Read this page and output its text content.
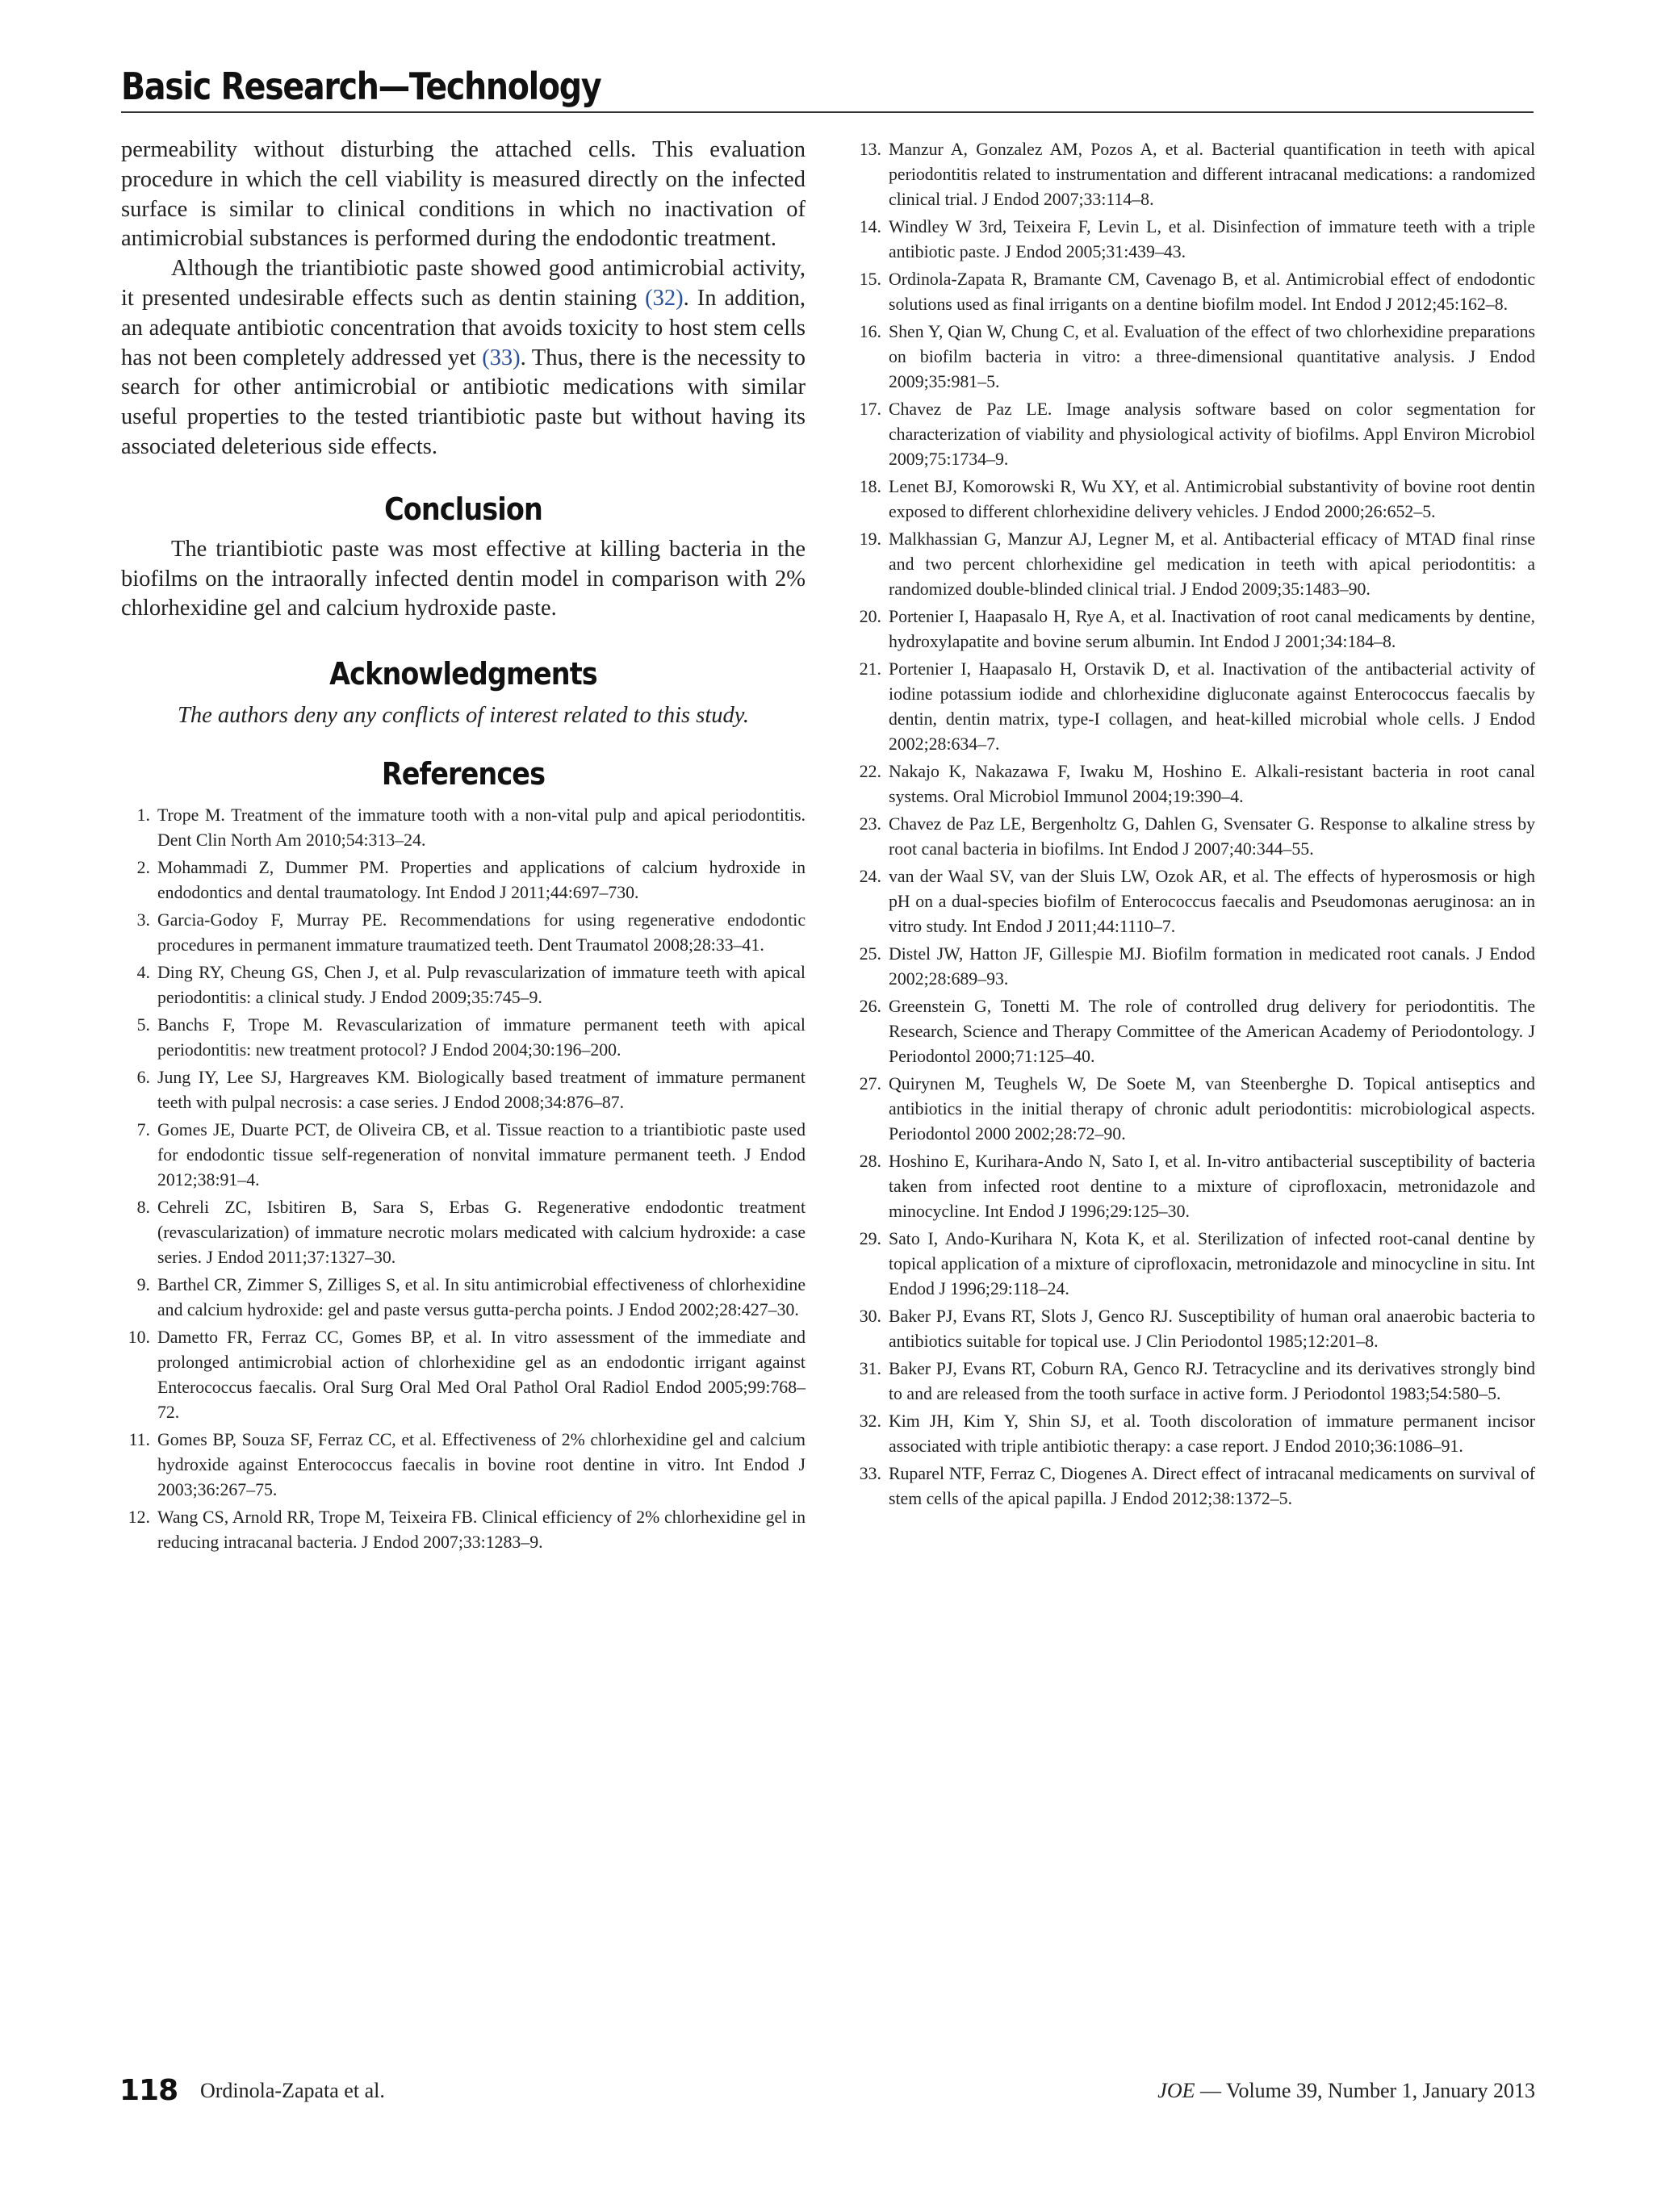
Basic Research—Technology

permeability without disturbing the attached cells. This evaluation procedure in which the cell viability is measured directly on the infected surface is similar to clinical conditions in which no inactivation of antimicrobial substances is performed during the endodontic treatment.

Although the triantibiotic paste showed good antimicrobial activity, it presented undesirable effects such as dentin staining (32). In addition, an adequate antibiotic concentration that avoids toxicity to host stem cells has not been completely addressed yet (33). Thus, there is the necessity to search for other antimicrobial or antibiotic medications with similar useful properties to the tested triantibiotic paste but without having its associated deleterious side effects.

Conclusion

The triantibiotic paste was most effective at killing bacteria in the biofilms on the intraorally infected dentin model in comparison with 2% chlorhexidine gel and calcium hydroxide paste.

Acknowledgments

The authors deny any conflicts of interest related to this study.

References
1. Trope M. Treatment of the immature tooth with a non-vital pulp and apical periodontitis. Dent Clin North Am 2010;54:313–24.
2. Mohammadi Z, Dummer PM. Properties and applications of calcium hydroxide in endodontics and dental traumatology. Int Endod J 2011;44:697–730.
3. Garcia-Godoy F, Murray PE. Recommendations for using regenerative endodontic procedures in permanent immature traumatized teeth. Dent Traumatol 2008;28:33–41.
4. Ding RY, Cheung GS, Chen J, et al. Pulp revascularization of immature teeth with apical periodontitis: a clinical study. J Endod 2009;35:745–9.
5. Banchs F, Trope M. Revascularization of immature permanent teeth with apical periodontitis: new treatment protocol? J Endod 2004;30:196–200.
6. Jung IY, Lee SJ, Hargreaves KM. Biologically based treatment of immature permanent teeth with pulpal necrosis: a case series. J Endod 2008;34:876–87.
7. Gomes JE, Duarte PCT, de Oliveira CB, et al. Tissue reaction to a triantibiotic paste used for endodontic tissue self-regeneration of nonvital immature permanent teeth. J Endod 2012;38:91–4.
8. Cehreli ZC, Isbitiren B, Sara S, Erbas G. Regenerative endodontic treatment (revascularization) of immature necrotic molars medicated with calcium hydroxide: a case series. J Endod 2011;37:1327–30.
9. Barthel CR, Zimmer S, Zilliges S, et al. In situ antimicrobial effectiveness of chlorhexidine and calcium hydroxide: gel and paste versus gutta-percha points. J Endod 2002;28:427–30.
10. Dametto FR, Ferraz CC, Gomes BP, et al. In vitro assessment of the immediate and prolonged antimicrobial action of chlorhexidine gel as an endodontic irrigant against Enterococcus faecalis. Oral Surg Oral Med Oral Pathol Oral Radiol Endod 2005;99:768–72.
11. Gomes BP, Souza SF, Ferraz CC, et al. Effectiveness of 2% chlorhexidine gel and calcium hydroxide against Enterococcus faecalis in bovine root dentine in vitro. Int Endod J 2003;36:267–75.
12. Wang CS, Arnold RR, Trope M, Teixeira FB. Clinical efficiency of 2% chlorhexidine gel in reducing intracanal bacteria. J Endod 2007;33:1283–9.
13. Manzur A, Gonzalez AM, Pozos A, et al. Bacterial quantification in teeth with apical periodontitis related to instrumentation and different intracanal medications: a randomized clinical trial. J Endod 2007;33:114–8.
14. Windley W 3rd, Teixeira F, Levin L, et al. Disinfection of immature teeth with a triple antibiotic paste. J Endod 2005;31:439–43.
15. Ordinola-Zapata R, Bramante CM, Cavenago B, et al. Antimicrobial effect of endodontic solutions used as final irrigants on a dentine biofilm model. Int Endod J 2012;45:162–8.
16. Shen Y, Qian W, Chung C, et al. Evaluation of the effect of two chlorhexidine preparations on biofilm bacteria in vitro: a three-dimensional quantitative analysis. J Endod 2009;35:981–5.
17. Chavez de Paz LE. Image analysis software based on color segmentation for characterization of viability and physiological activity of biofilms. Appl Environ Microbiol 2009;75:1734–9.
18. Lenet BJ, Komorowski R, Wu XY, et al. Antimicrobial substantivity of bovine root dentin exposed to different chlorhexidine delivery vehicles. J Endod 2000;26:652–5.
19. Malkhassian G, Manzur AJ, Legner M, et al. Antibacterial efficacy of MTAD final rinse and two percent chlorhexidine gel medication in teeth with apical periodontitis: a randomized double-blinded clinical trial. J Endod 2009;35:1483–90.
20. Portenier I, Haapasalo H, Rye A, et al. Inactivation of root canal medicaments by dentine, hydroxylapatite and bovine serum albumin. Int Endod J 2001;34:184–8.
21. Portenier I, Haapasalo H, Orstavik D, et al. Inactivation of the antibacterial activity of iodine potassium iodide and chlorhexidine digluconate against Enterococcus faecalis by dentin, dentin matrix, type-I collagen, and heat-killed microbial whole cells. J Endod 2002;28:634–7.
22. Nakajo K, Nakazawa F, Iwaku M, Hoshino E. Alkali-resistant bacteria in root canal systems. Oral Microbiol Immunol 2004;19:390–4.
23. Chavez de Paz LE, Bergenholtz G, Dahlen G, Svensater G. Response to alkaline stress by root canal bacteria in biofilms. Int Endod J 2007;40:344–55.
24. van der Waal SV, van der Sluis LW, Ozok AR, et al. The effects of hyperosmosis or high pH on a dual-species biofilm of Enterococcus faecalis and Pseudomonas aeruginosa: an in vitro study. Int Endod J 2011;44:1110–7.
25. Distel JW, Hatton JF, Gillespie MJ. Biofilm formation in medicated root canals. J Endod 2002;28:689–93.
26. Greenstein G, Tonetti M. The role of controlled drug delivery for periodontitis. The Research, Science and Therapy Committee of the American Academy of Periodontology. J Periodontol 2000;71:125–40.
27. Quirynen M, Teughels W, De Soete M, van Steenberghe D. Topical antiseptics and antibiotics in the initial therapy of chronic adult periodontitis: microbiological aspects. Periodontol 2000 2002;28:72–90.
28. Hoshino E, Kurihara-Ando N, Sato I, et al. In-vitro antibacterial susceptibility of bacteria taken from infected root dentine to a mixture of ciprofloxacin, metronidazole and minocycline. Int Endod J 1996;29:125–30.
29. Sato I, Ando-Kurihara N, Kota K, et al. Sterilization of infected root-canal dentine by topical application of a mixture of ciprofloxacin, metronidazole and minocycline in situ. Int Endod J 1996;29:118–24.
30. Baker PJ, Evans RT, Slots J, Genco RJ. Susceptibility of human oral anaerobic bacteria to antibiotics suitable for topical use. J Clin Periodontol 1985;12:201–8.
31. Baker PJ, Evans RT, Coburn RA, Genco RJ. Tetracycline and its derivatives strongly bind to and are released from the tooth surface in active form. J Periodontol 1983;54:580–5.
32. Kim JH, Kim Y, Shin SJ, et al. Tooth discoloration of immature permanent incisor associated with triple antibiotic therapy: a case report. J Endod 2010;36:1086–91.
33. Ruparel NTF, Ferraz C, Diogenes A. Direct effect of intracanal medicaments on survival of stem cells of the apical papilla. J Endod 2012;38:1372–5.
118 Ordinola-Zapata et al.	JOE — Volume 39, Number 1, January 2013
